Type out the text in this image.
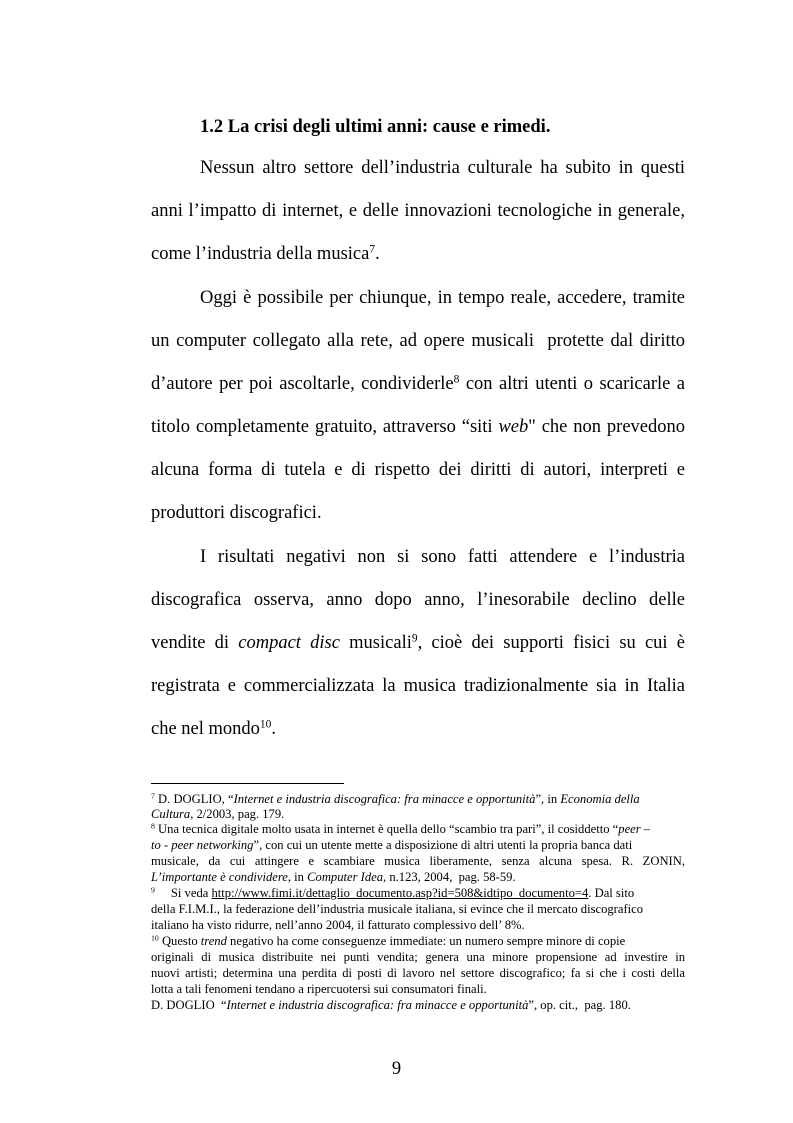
1.2 La crisi degli ultimi anni: cause e rimedi.
Nessun altro settore dell’industria culturale ha subito in questi
anni l’impatto di internet, e delle innovazioni tecnologiche in generale,
come l’industria della musica$^7$.
Oggi è possibile per chiunque, in tempo reale, accedere, tramite
un computer collegato alla rete, ad opere musicali  protette dal diritto
d’autore per poi ascoltarle, condividerle$^8$ con altri utenti o scaricarle a
titolo completamente gratuito, attraverso “siti web" che non prevedono
alcuna forma di tutela e di rispetto dei diritti di autori, interpreti e
produttori discografici.
I risultati negativi non si sono fatti attendere e l’industria
discografica osserva, anno dopo anno, l’inesorabile declino delle
vendite di compact disc musicali$^9$, cioè dei supporti fisici su cui è
registrata e commercializzata la musica tradizionalmente sia in Italia
che nel mondo$^{10}$.
$^7$ D. DOGLIO, “Internet e industria discografica: fra minacce e opportunità”, in Economia della
Cultura, 2/2003, pag. 179.
$^8$ Una tecnica digitale molto usata in internet è quella dello “scambio tra pari”, il cosiddetto “peer –
to - peer networking”, con cui un utente mette a disposizione di altri utenti la propria banca dati
musicale, da cui attingere e scambiare musica liberamente, senza alcuna spesa. R. ZONIN,
L’importante è condividere, in Computer Idea, n.123, 2004,  pag. 58-59.
$^9$ Si veda http://www.fimi.it/dettaglio_documento.asp?id=508&idtipo_documento=4. Dal sito
della F.I.M.I., la federazione dell’industria musicale italiana, si evince che il mercato discografico
italiano ha visto ridurre, nell’anno 2004, il fatturato complessivo dell’ 8%.
$^{10}$ Questo trend negativo ha come conseguenze immediate: un numero sempre minore di copie
originali di musica distribuite nei punti vendita; genera una minore propensione ad investire in
nuovi artisti; determina una perdita di posti di lavoro nel settore discografico; fa si che i costi della
lotta a tali fenomeni tendano a ripercuotersi sui consumatori finali.
D. DOGLIO  “Internet e industria discografica: fra minacce e opportunità”, op. cit.,  pag. 180.
9
